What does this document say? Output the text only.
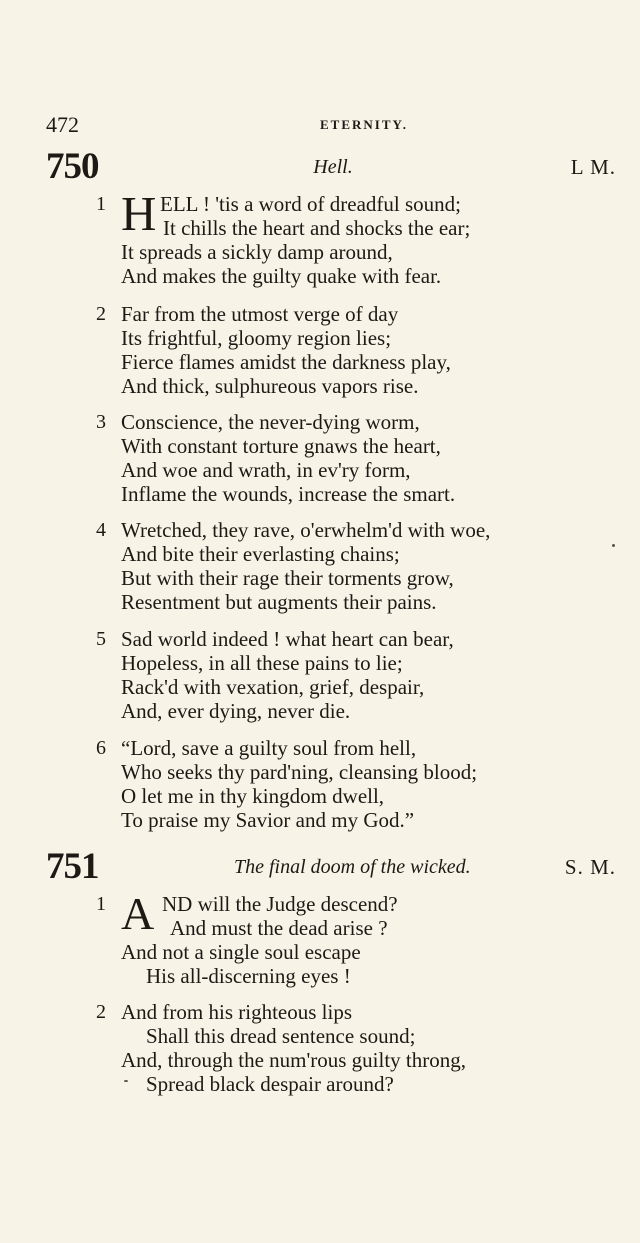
472	ETERNITY.
750	Hell.	L M.
1 H ELL ! 'tis a word of dreadful sound;
It chills the heart and shocks the ear;
It spreads a sickly damp around,
And makes the guilty quake with fear.
2 Far from the utmost verge of day
Its frightful, gloomy region lies;
Fierce flames amidst the darkness play,
And thick, sulphureous vapors rise.
3 Conscience, the never-dying worm,
With constant torture gnaws the heart,
And woe and wrath, in ev'ry form,
Inflame the wounds, increase the smart.
4 Wretched, they rave, o'erwhelm'd with woe,
And bite their everlasting chains;
But with their rage their torments grow,
Resentment but augments their pains.
5 Sad world indeed ! what heart can bear,
Hopeless, in all these pains to lie;
Rack'd with vexation, grief, despair,
And, ever dying, never die.
6 “Lord, save a guilty soul from hell,
Who seeks thy pard'ning, cleansing blood;
O let me in thy kingdom dwell,
To praise my Savior and my God.”
751	The final doom of the wicked.	S. M.
1 A ND will the Judge descend?
And must the dead arise ?
And not a single soul escape
His all-discerning eyes !
2 And from his righteous lips
Shall this dread sentence sound;
And, through the num'rous guilty throng,
Spread black despair around?
